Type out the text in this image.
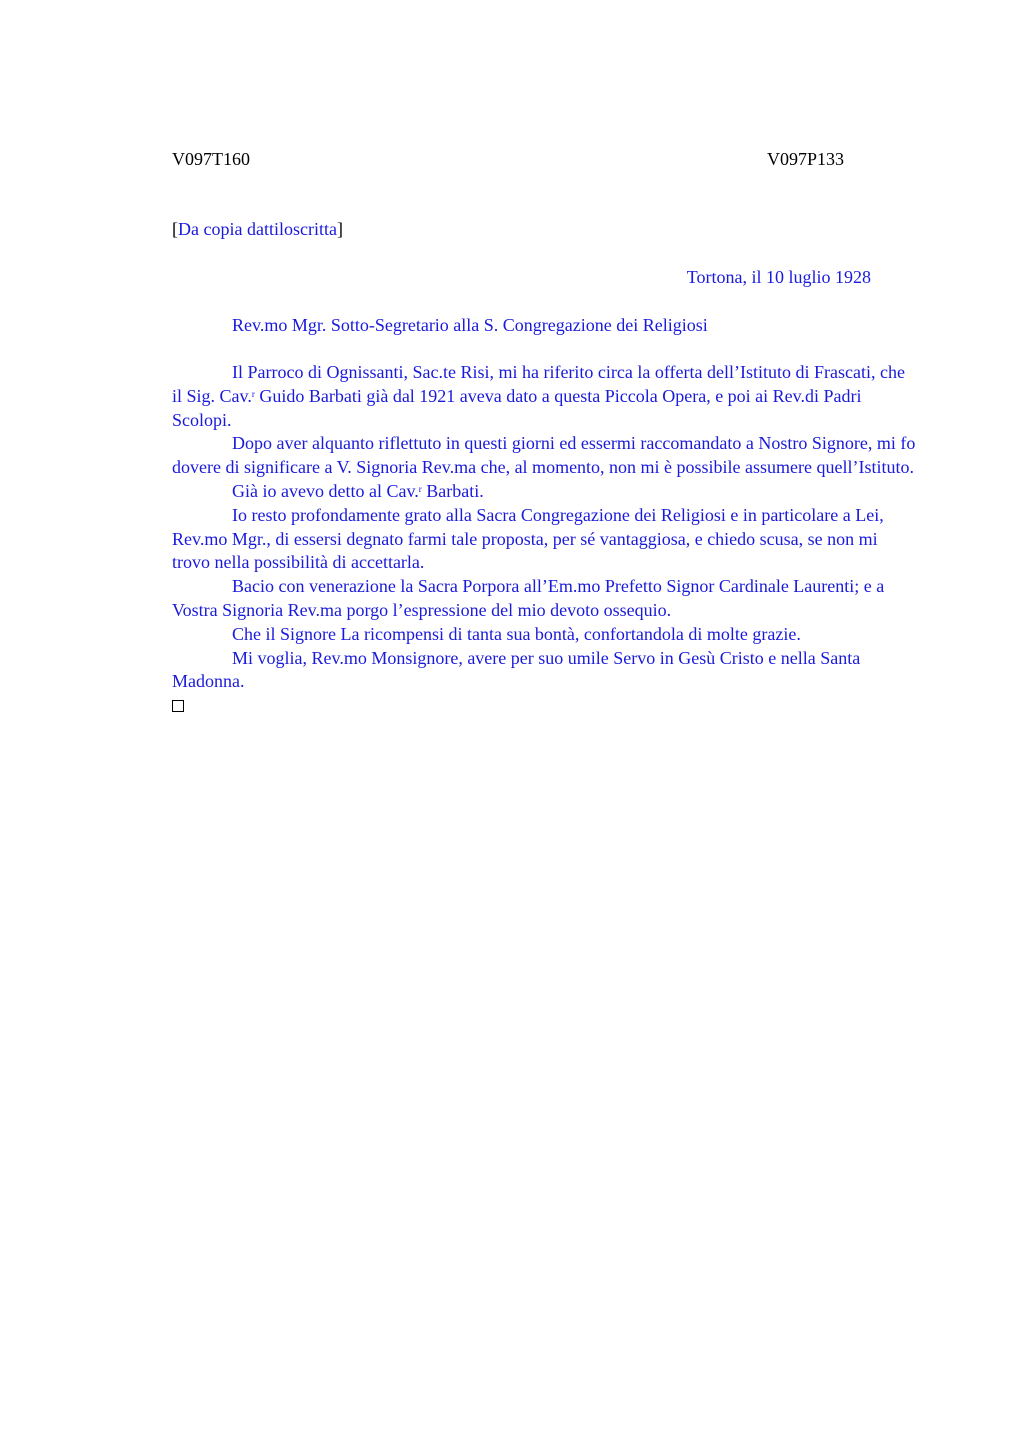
V097T160	V097P133
[Da copia dattiloscritta]
Tortona, il 10 luglio 1928
Rev.mo Mgr. Sotto-Segretario alla S. Congregazione dei Religiosi

Il Parroco di Ognissanti, Sac.te Risi, mi ha riferito circa la offerta dell’Istituto di Frascati, che il Sig. Cav.$^r$ Guido Barbati già dal 1921 aveva dato a questa Piccola Opera, e poi ai Rev.di Padri Scolopi.

Dopo aver alquanto riflettuto in questi giorni ed essermi raccomandato a Nostro Signore, mi fo dovere di significare a V. Signoria Rev.ma che, al momento, non mi è possibile assumere quell’Istituto.

Già io avevo detto al Cav.$^r$ Barbati.

Io resto profondamente grato alla Sacra Congregazione dei Religiosi e in particolare a Lei, Rev.mo Mgr., di essersi degnato farmi tale proposta, per sé vantaggiosa, e chiedo scusa, se non mi trovo nella possibilità di accettarla.

Bacio con venerazione la Sacra Porpora all’Em.mo Prefetto Signor Cardinale Laurenti; e a Vostra Signoria Rev.ma porgo l’espressione del mio devoto ossequio.

Che il Signore La ricompensi di tanta sua bontà, confortandola di molte grazie.

Mi voglia, Rev.mo Monsignore, avere per suo umile Servo in Gesù Cristo e nella Santa Madonna.
